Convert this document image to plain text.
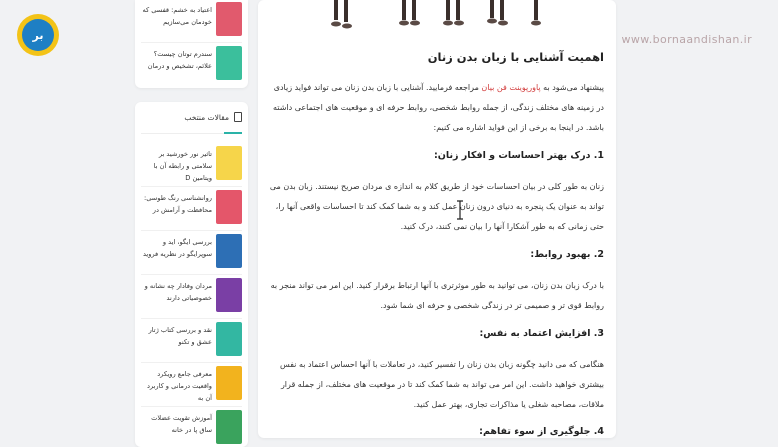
بر	www.bornaandishan.ir
اعتیاد به خشم: قفسی که خودمان می‌سازیم
سندرم توتان چیست؟ علائم، تشخیص و درمان
مقالات منتخب
تاثیر نور خورشید بر سلامتی و رابطه آن با ویتامین D
روانشناسی رنگ طوسی: محافظت و آرامش در
بررسی ایگو، اید و سوپرایگو در نظریه فروید
مردان وفادار چه نشانه و خصوصیاتی دارند
نقد و بررسی کتاب ژتار عشق و تکنو
معرفی جامع رویکرد واقعیت درمانی و کاربرد آن به
آموزش تقویت عضلات ساق پا در خانه
اهمیت آشنایی با زبان بدن زنان
پیشنهاد می‌شود به پاورپوینت فن بیان مراجعه فرمایید. آشنایی با زبان بدن زنان می تواند فواید زیادی در زمینه های مختلف زندگی، از جمله روابط شخصی، روابط حرفه ای و موقعیت های اجتماعی داشته باشد. در اینجا به برخی از این فواید اشاره می کنیم:
1. درک بهتر احساسات و افکار زنان:
زنان به طور کلی در بیان احساسات خود از طریق کلام به اندازه ی مردان صریح نیستند. زبان بدن می تواند به عنوان یک پنجره به دنیای درون زنان عمل کند و به شما کمک کند تا احساسات واقعی آنها را، حتی زمانی که به طور آشکارا آنها را بیان نمی کنند، درک کنید.
2. بهبود روابط:
با درک زبان بدن زنان، می توانید به طور موثرتری با آنها ارتباط برقرار کنید. این امر می تواند منجر به روابط قوی تر و صمیمی تر در زندگی شخصی و حرفه ای شما شود.
3. افزایش اعتماد به نفس:
هنگامی که می دانید چگونه زبان بدن زنان را تفسیر کنید، در تعاملات با آنها احساس اعتماد به نفس بیشتری خواهید داشت. این امر می تواند به شما کمک کند تا در موقعیت های مختلف، از جمله قرار ملاقات، مصاحبه شغلی یا مذاکرات تجاری، بهتر عمل کنید.
4. جلوگیری از سوء تفاهم:
